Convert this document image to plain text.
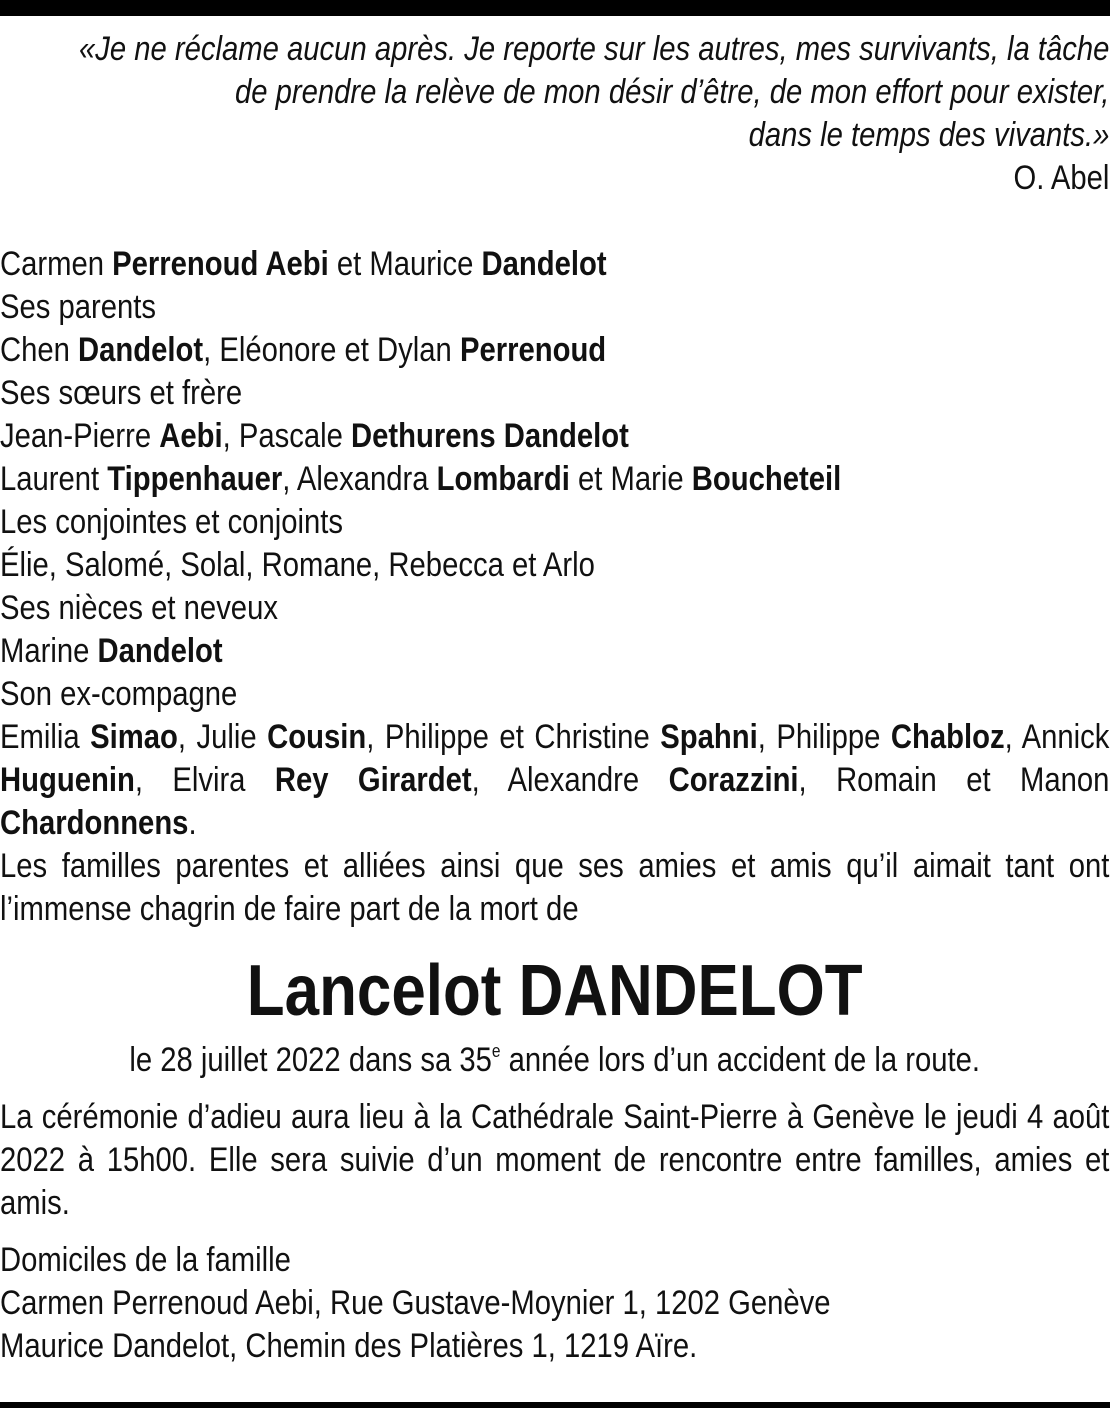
«Je ne réclame aucun après. Je reporte sur les autres, mes survivants, la tâche
de prendre la relève de mon désir d’être, de mon effort pour exister,
dans le temps des vivants.»
O. Abel
Carmen Perrenoud Aebi et Maurice Dandelot
Ses parents
Chen Dandelot, Eléonore et Dylan Perrenoud
Ses sœurs et frère
Jean-Pierre Aebi, Pascale Dethurens Dandelot
Laurent Tippenhauer, Alexandra Lombardi et Marie Boucheteil
Les conjointes et conjoints
Élie, Salomé, Solal, Romane, Rebecca et Arlo
Ses nièces et neveux
Marine Dandelot
Son ex-compagne
Emilia Simao, Julie Cousin, Philippe et Christine Spahni, Philippe Chabloz, Annick Huguenin, Elvira Rey Girardet, Alexandre Corazzini, Romain et Manon Chardonnens.
Les familles parentes et alliées ainsi que ses amies et amis qu’il aimait tant ont l’immense chagrin de faire part de la mort de
Lancelot DANDELOT
le 28 juillet 2022 dans sa 35e année lors d’un accident de la route.
La cérémonie d’adieu aura lieu à la Cathédrale Saint-Pierre à Genève le jeudi 4 août 2022 à 15h00. Elle sera suivie d’un moment de rencontre entre familles, amies et amis.
Domiciles de la famille
Carmen Perrenoud Aebi, Rue Gustave-Moynier 1, 1202 Genève
Maurice Dandelot, Chemin des Platières 1, 1219 Aïre.
